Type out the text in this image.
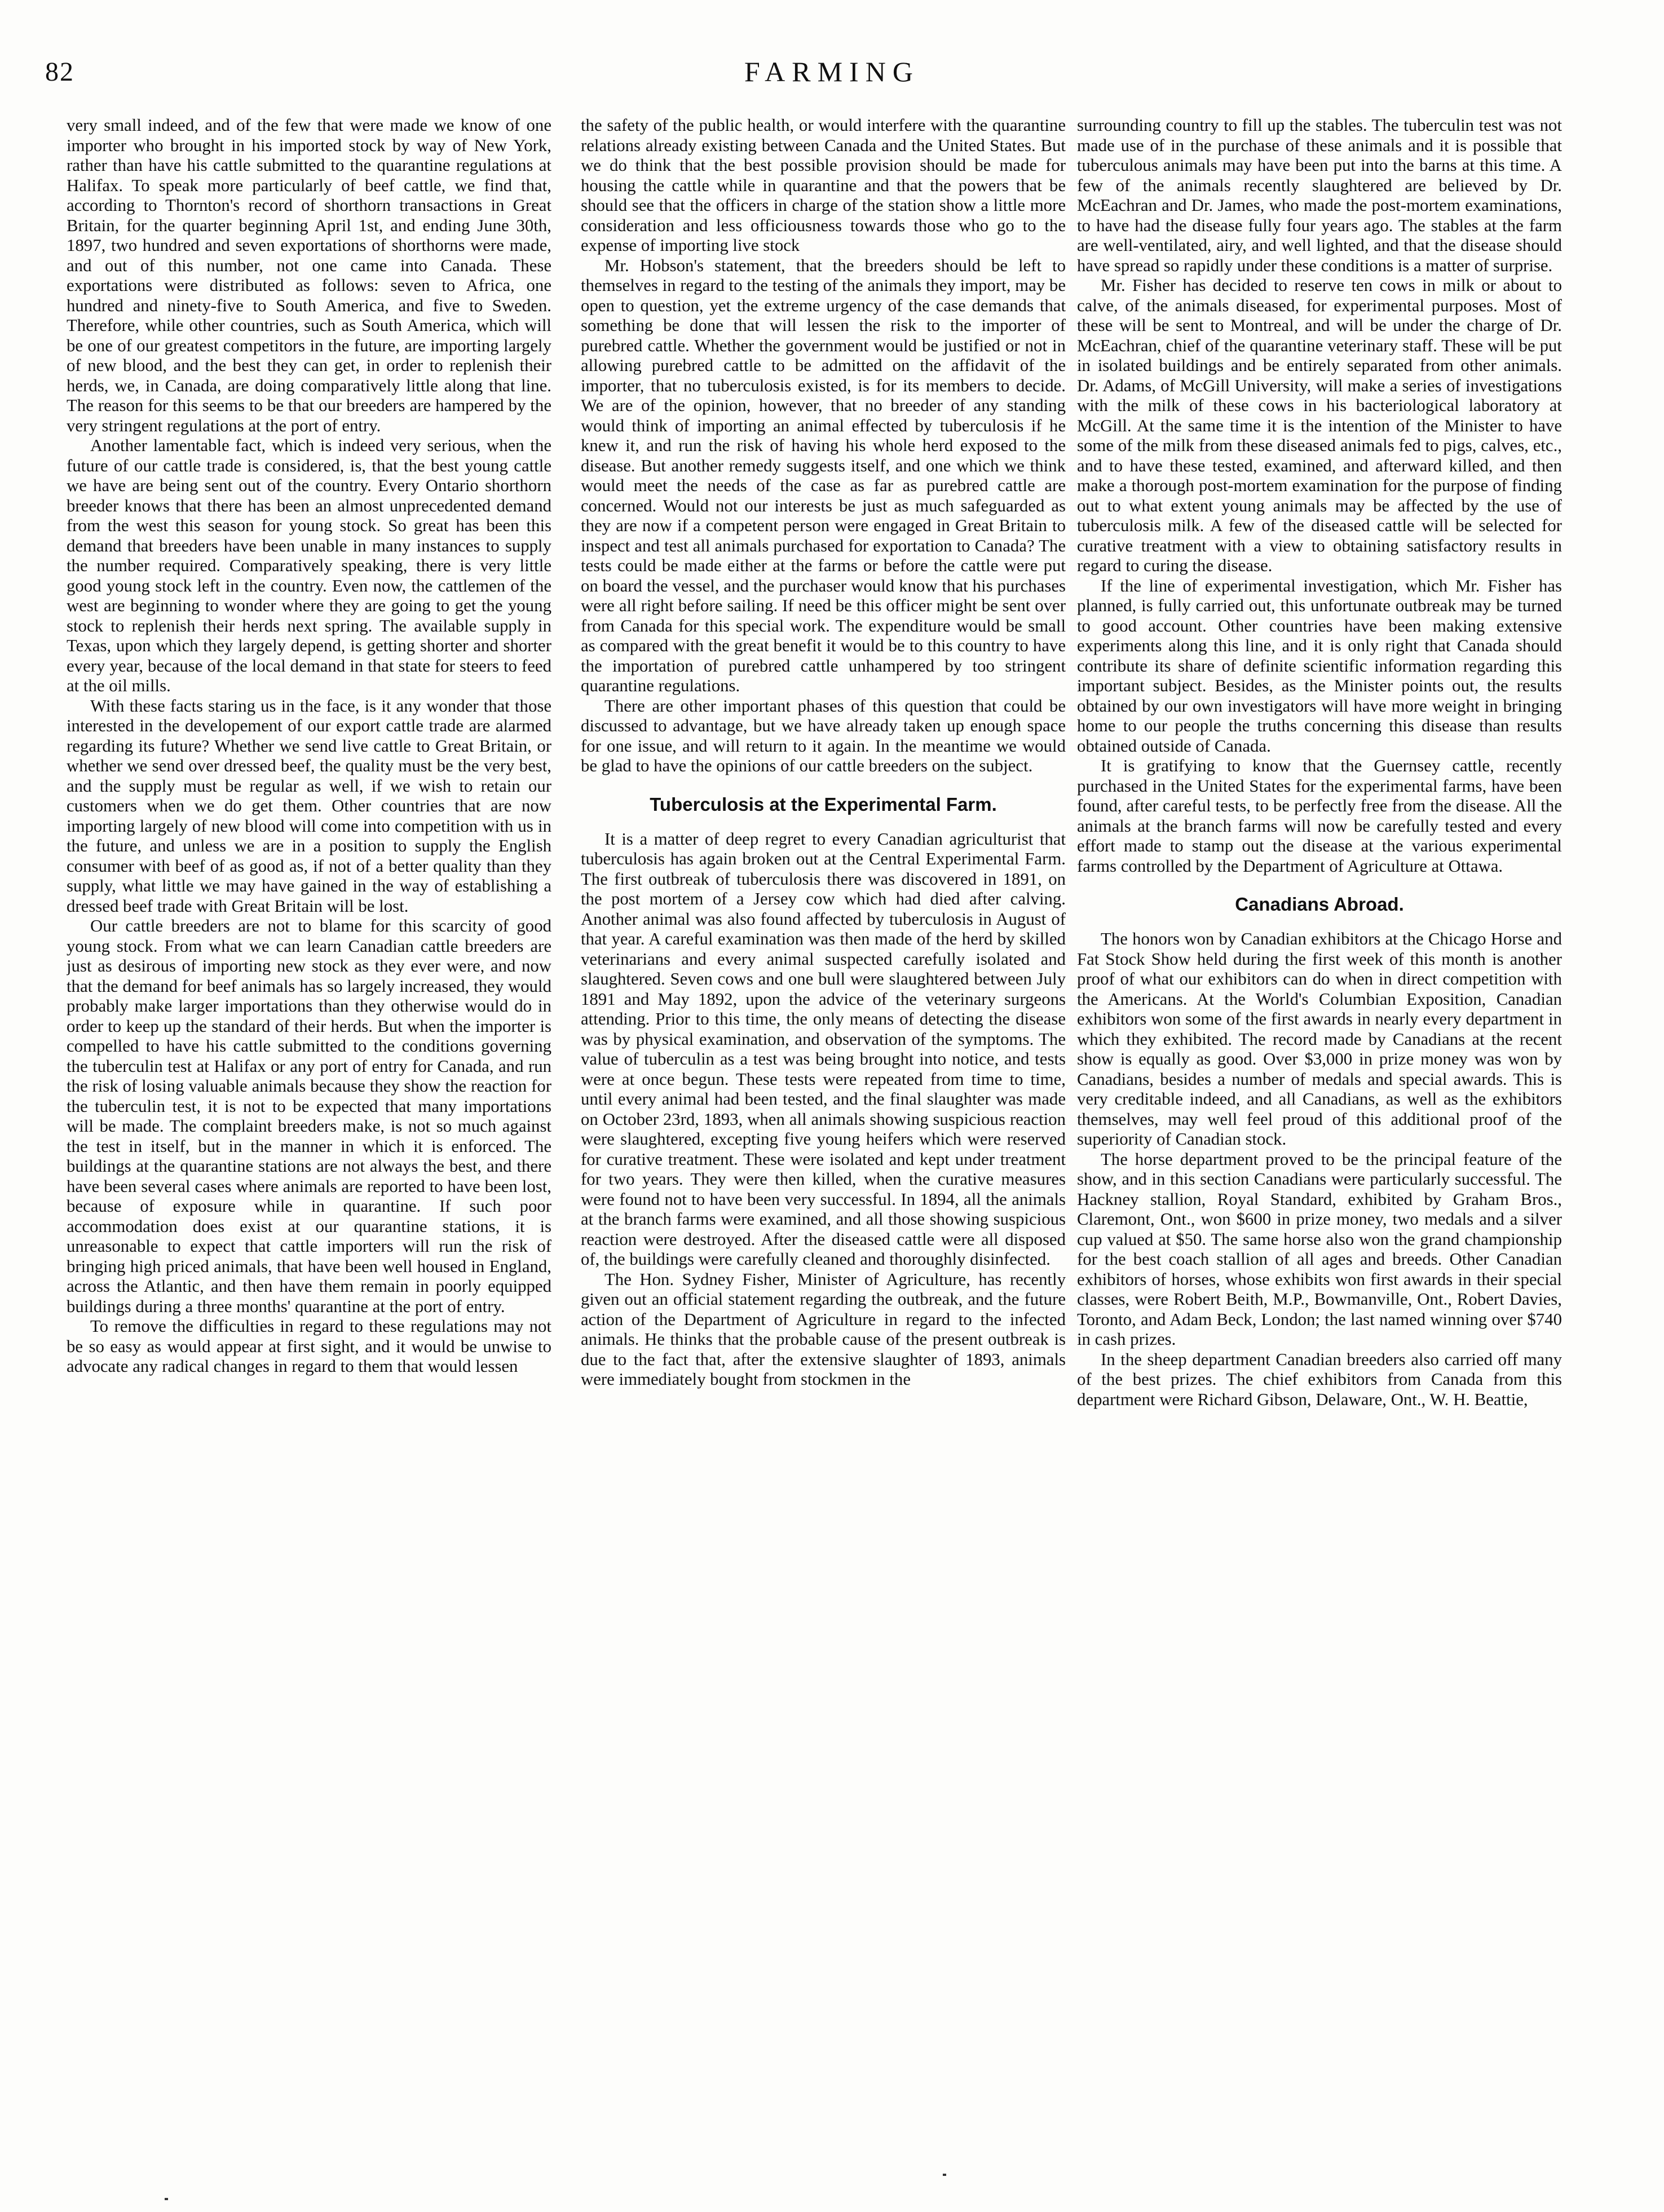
82	FARMING

very small indeed, and of the few that were made we know of one importer who brought in his imported stock by way of New York, rather than have his cattle submitted to the quarantine regulations at Halifax. To speak more particularly of beef cattle, we find that, according to Thornton's record of shorthorn transactions in Great Britain, for the quarter beginning April 1st, and ending June 30th, 1897, two hundred and seven exportations of shorthorns were made, and out of this number, not one came into Canada. These exportations were distributed as follows: seven to Africa, one hundred and ninety-five to South America, and five to Sweden. Therefore, while other countries, such as South America, which will be one of our greatest competitors in the future, are importing largely of new blood, and the best they can get, in order to replenish their herds, we, in Canada, are doing comparatively little along that line. The reason for this seems to be that our breeders are hampered by the very stringent regulations at the port of entry.

Another lamentable fact, which is indeed very serious, when the future of our cattle trade is considered, is, that the best young cattle we have are being sent out of the country. Every Ontario shorthorn breeder knows that there has been an almost unprecedented demand from the west this season for young stock. So great has been this demand that breeders have been unable in many instances to supply the number required. Comparatively speaking, there is very little good young stock left in the country. Even now, the cattlemen of the west are beginning to wonder where they are going to get the young stock to replenish their herds next spring. The available supply in Texas, upon which they largely depend, is getting shorter and shorter every year, because of the local demand in that state for steers to feed at the oil mills.

With these facts staring us in the face, is it any wonder that those interested in the developement of our export cattle trade are alarmed regarding its future? Whether we send live cattle to Great Britain, or whether we send over dressed beef, the quality must be the very best, and the supply must be regular as well, if we wish to retain our customers when we do get them. Other countries that are now importing largely of new blood will come into competition with us in the future, and unless we are in a position to supply the English consumer with beef of as good as, if not of a better quality than they supply, what little we may have gained in the way of establishing a dressed beef trade with Great Britain will be lost.

Our cattle breeders are not to blame for this scarcity of good young stock. From what we can learn Canadian cattle breeders are just as desirous of importing new stock as they ever were, and now that the demand for beef animals has so largely increased, they would probably make larger importations than they otherwise would do in order to keep up the standard of their herds. But when the importer is compelled to have his cattle submitted to the conditions governing the tuberculin test at Halifax or any port of entry for Canada, and run the risk of losing valuable animals because they show the reaction for the tuberculin test, it is not to be expected that many importations will be made. The complaint breeders make, is not so much against the test in itself, but in the manner in which it is enforced. The buildings at the quarantine stations are not always the best, and there have been several cases where animals are reported to have been lost, because of exposure while in quarantine. If such poor accommodation does exist at our quarantine stations, it is unreasonable to expect that cattle importers will run the risk of bringing high priced animals, that have been well housed in England, across the Atlantic, and then have them remain in poorly equipped buildings during a three months' quarantine at the port of entry.

To remove the difficulties in regard to these regulations may not be so easy as would appear at first sight, and it would be unwise to advocate any radical changes in regard to them that would lessen

the safety of the public health, or would interfere with the quarantine relations already existing between Canada and the United States. But we do think that the best possible provision should be made for housing the cattle while in quarantine and that the powers that be should see that the officers in charge of the station show a little more consideration and less officiousness towards those who go to the expense of importing live stock

Mr. Hobson's statement, that the breeders should be left to themselves in regard to the testing of the animals they import, may be open to question, yet the extreme urgency of the case demands that something be done that will lessen the risk to the importer of purebred cattle. Whether the government would be justified or not in allowing purebred cattle to be admitted on the affidavit of the importer, that no tuberculosis existed, is for its members to decide. We are of the opinion, however, that no breeder of any standing would think of importing an animal effected by tuberculosis if he knew it, and run the risk of having his whole herd exposed to the disease. But another remedy suggests itself, and one which we think would meet the needs of the case as far as purebred cattle are concerned. Would not our interests be just as much safeguarded as they are now if a competent person were engaged in Great Britain to inspect and test all animals purchased for exportation to Canada? The tests could be made either at the farms or before the cattle were put on board the vessel, and the purchaser would know that his purchases were all right before sailing. If need be this officer might be sent over from Canada for this special work. The expenditure would be small as compared with the great benefit it would be to this country to have the importation of purebred cattle unhampered by too stringent quarantine regulations.

There are other important phases of this question that could be discussed to advantage, but we have already taken up enough space for one issue, and will return to it again. In the meantime we would be glad to have the opinions of our cattle breeders on the subject.

Tuberculosis at the Experimental Farm.

It is a matter of deep regret to every Canadian agriculturist that tuberculosis has again broken out at the Central Experimental Farm. The first outbreak of tuberculosis there was discovered in 1891, on the post mortem of a Jersey cow which had died after calving. Another animal was also found affected by tuberculosis in August of that year. A careful examination was then made of the herd by skilled veterinarians and every animal suspected carefully isolated and slaughtered. Seven cows and one bull were slaughtered between July 1891 and May 1892, upon the advice of the veterinary surgeons attending. Prior to this time, the only means of detecting the disease was by physical examination, and observation of the symptoms. The value of tuberculin as a test was being brought into notice, and tests were at once begun. These tests were repeated from time to time, until every animal had been tested, and the final slaughter was made on October 23rd, 1893, when all animals showing suspicious reaction were slaughtered, excepting five young heifers which were reserved for curative treatment. These were isolated and kept under treatment for two years. They were then killed, when the curative measures were found not to have been very successful. In 1894, all the animals at the branch farms were examined, and all those showing suspicious reaction were destroyed. After the diseased cattle were all disposed of, the buildings were carefully cleaned and thoroughly disinfected.

The Hon. Sydney Fisher, Minister of Agriculture, has recently given out an official statement regarding the outbreak, and the future action of the Department of Agriculture in regard to the infected animals. He thinks that the probable cause of the present outbreak is due to the fact that, after the extensive slaughter of 1893, animals were immediately bought from stockmen in the

surrounding country to fill up the stables. The tuberculin test was not made use of in the purchase of these animals and it is possible that tuberculous animals may have been put into the barns at this time. A few of the animals recently slaughtered are believed by Dr. McEachran and Dr. James, who made the post-mortem examinations, to have had the disease fully four years ago. The stables at the farm are well-ventilated, airy, and well lighted, and that the disease should have spread so rapidly under these conditions is a matter of surprise.

Mr. Fisher has decided to reserve ten cows in milk or about to calve, of the animals diseased, for experimental purposes. Most of these will be sent to Montreal, and will be under the charge of Dr. McEachran, chief of the quarantine veterinary staff. These will be put in isolated buildings and be entirely separated from other animals. Dr. Adams, of McGill University, will make a series of investigations with the milk of these cows in his bacteriological laboratory at McGill. At the same time it is the intention of the Minister to have some of the milk from these diseased animals fed to pigs, calves, etc., and to have these tested, examined, and afterward killed, and then make a thorough post-mortem examination for the purpose of finding out to what extent young animals may be affected by the use of tuberculosis milk. A few of the diseased cattle will be selected for curative treatment with a view to obtaining satisfactory results in regard to curing the disease.

If the line of experimental investigation, which Mr. Fisher has planned, is fully carried out, this unfortunate outbreak may be turned to good account. Other countries have been making extensive experiments along this line, and it is only right that Canada should contribute its share of definite scientific information regarding this important subject. Besides, as the Minister points out, the results obtained by our own investigators will have more weight in bringing home to our people the truths concerning this disease than results obtained outside of Canada.

It is gratifying to know that the Guernsey cattle, recently purchased in the United States for the experimental farms, have been found, after careful tests, to be perfectly free from the disease. All the animals at the branch farms will now be carefully tested and every effort made to stamp out the disease at the various experimental farms controlled by the Department of Agriculture at Ottawa.

Canadians Abroad.

The honors won by Canadian exhibitors at the Chicago Horse and Fat Stock Show held during the first week of this month is another proof of what our exhibitors can do when in direct competition with the Americans. At the World's Columbian Exposition, Canadian exhibitors won some of the first awards in nearly every department in which they exhibited. The record made by Canadians at the recent show is equally as good. Over $3,000 in prize money was won by Canadians, besides a number of medals and special awards. This is very creditable indeed, and all Canadians, as well as the exhibitors themselves, may well feel proud of this additional proof of the superiority of Canadian stock.

The horse department proved to be the principal feature of the show, and in this section Canadians were particularly successful. The Hackney stallion, Royal Standard, exhibited by Graham Bros., Claremont, Ont., won $600 in prize money, two medals and a silver cup valued at $50. The same horse also won the grand championship for the best coach stallion of all ages and breeds. Other Canadian exhibitors of horses, whose exhibits won first awards in their special classes, were Robert Beith, M.P., Bowmanville, Ont., Robert Davies, Toronto, and Adam Beck, London; the last named winning over $740 in cash prizes.

In the sheep department Canadian breeders also carried off many of the best prizes. The chief exhibitors from Canada from this department were Richard Gibson, Delaware, Ont., W. H. Beattie,
